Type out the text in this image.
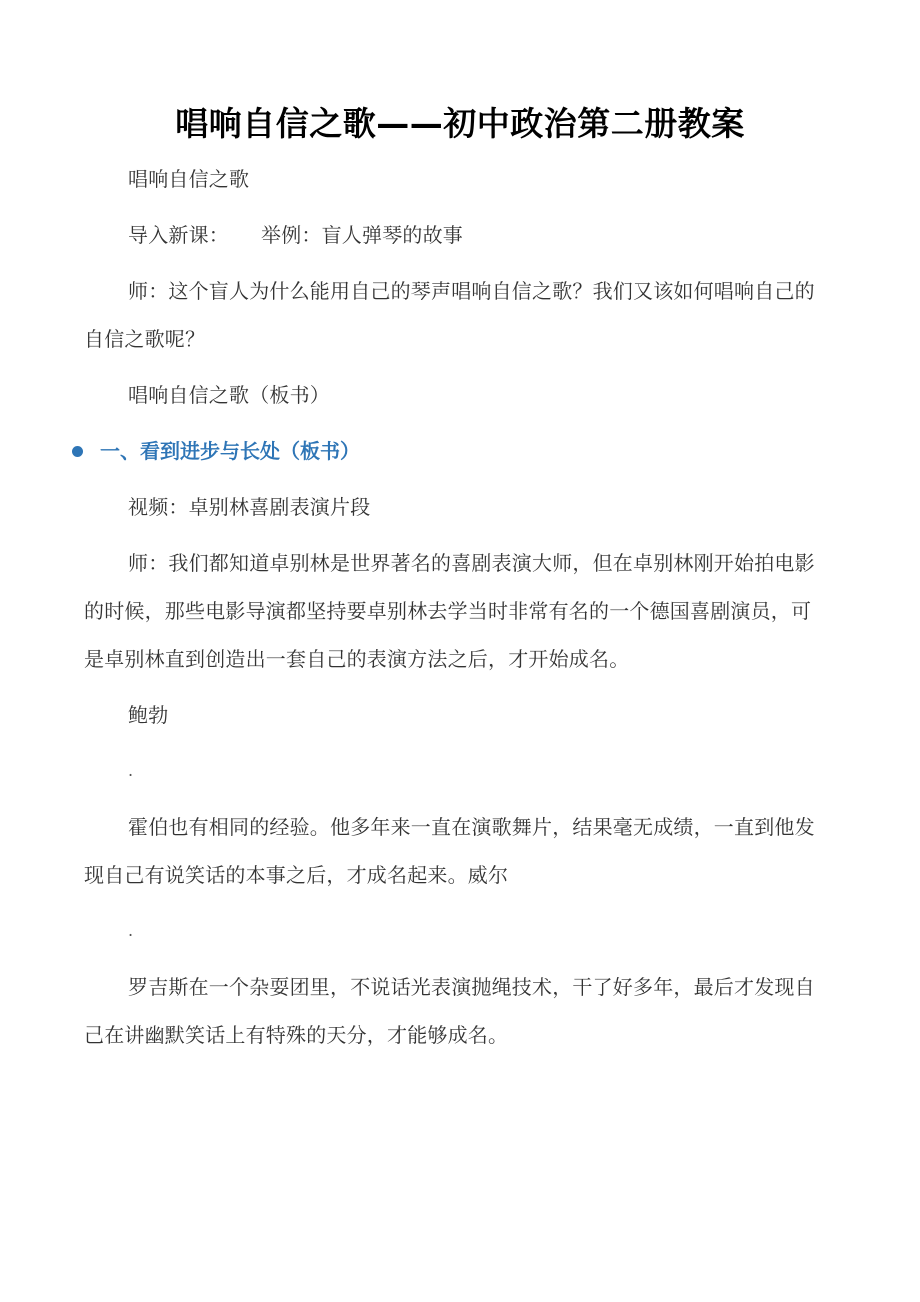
唱响自信之歌——初中政治第二册教案

唱响自信之歌

导入新课： 举例：盲人弹琴的故事

师：这个盲人为什么能用自己的琴声唱响自信之歌？我们又该如何唱响自己的自信之歌呢？

唱响自信之歌（板书）

一、看到进步与长处（板书）

视频：卓别林喜剧表演片段

师：我们都知道卓别林是世界著名的喜剧表演大师，但在卓别林刚开始拍电影的时候，那些电影导演都坚持要卓别林去学当时非常有名的一个德国喜剧演员，可是卓别林直到创造出一套自己的表演方法之后，才开始成名。

鲍勃

.

霍伯也有相同的经验。他多年来一直在演歌舞片，结果毫无成绩，一直到他发现自己有说笑话的本事之后，才成名起来。威尔

.

罗吉斯在一个杂耍团里，不说话光表演抛绳技术，干了好多年，最后才发现自己在讲幽默笑话上有特殊的天分，才能够成名。
